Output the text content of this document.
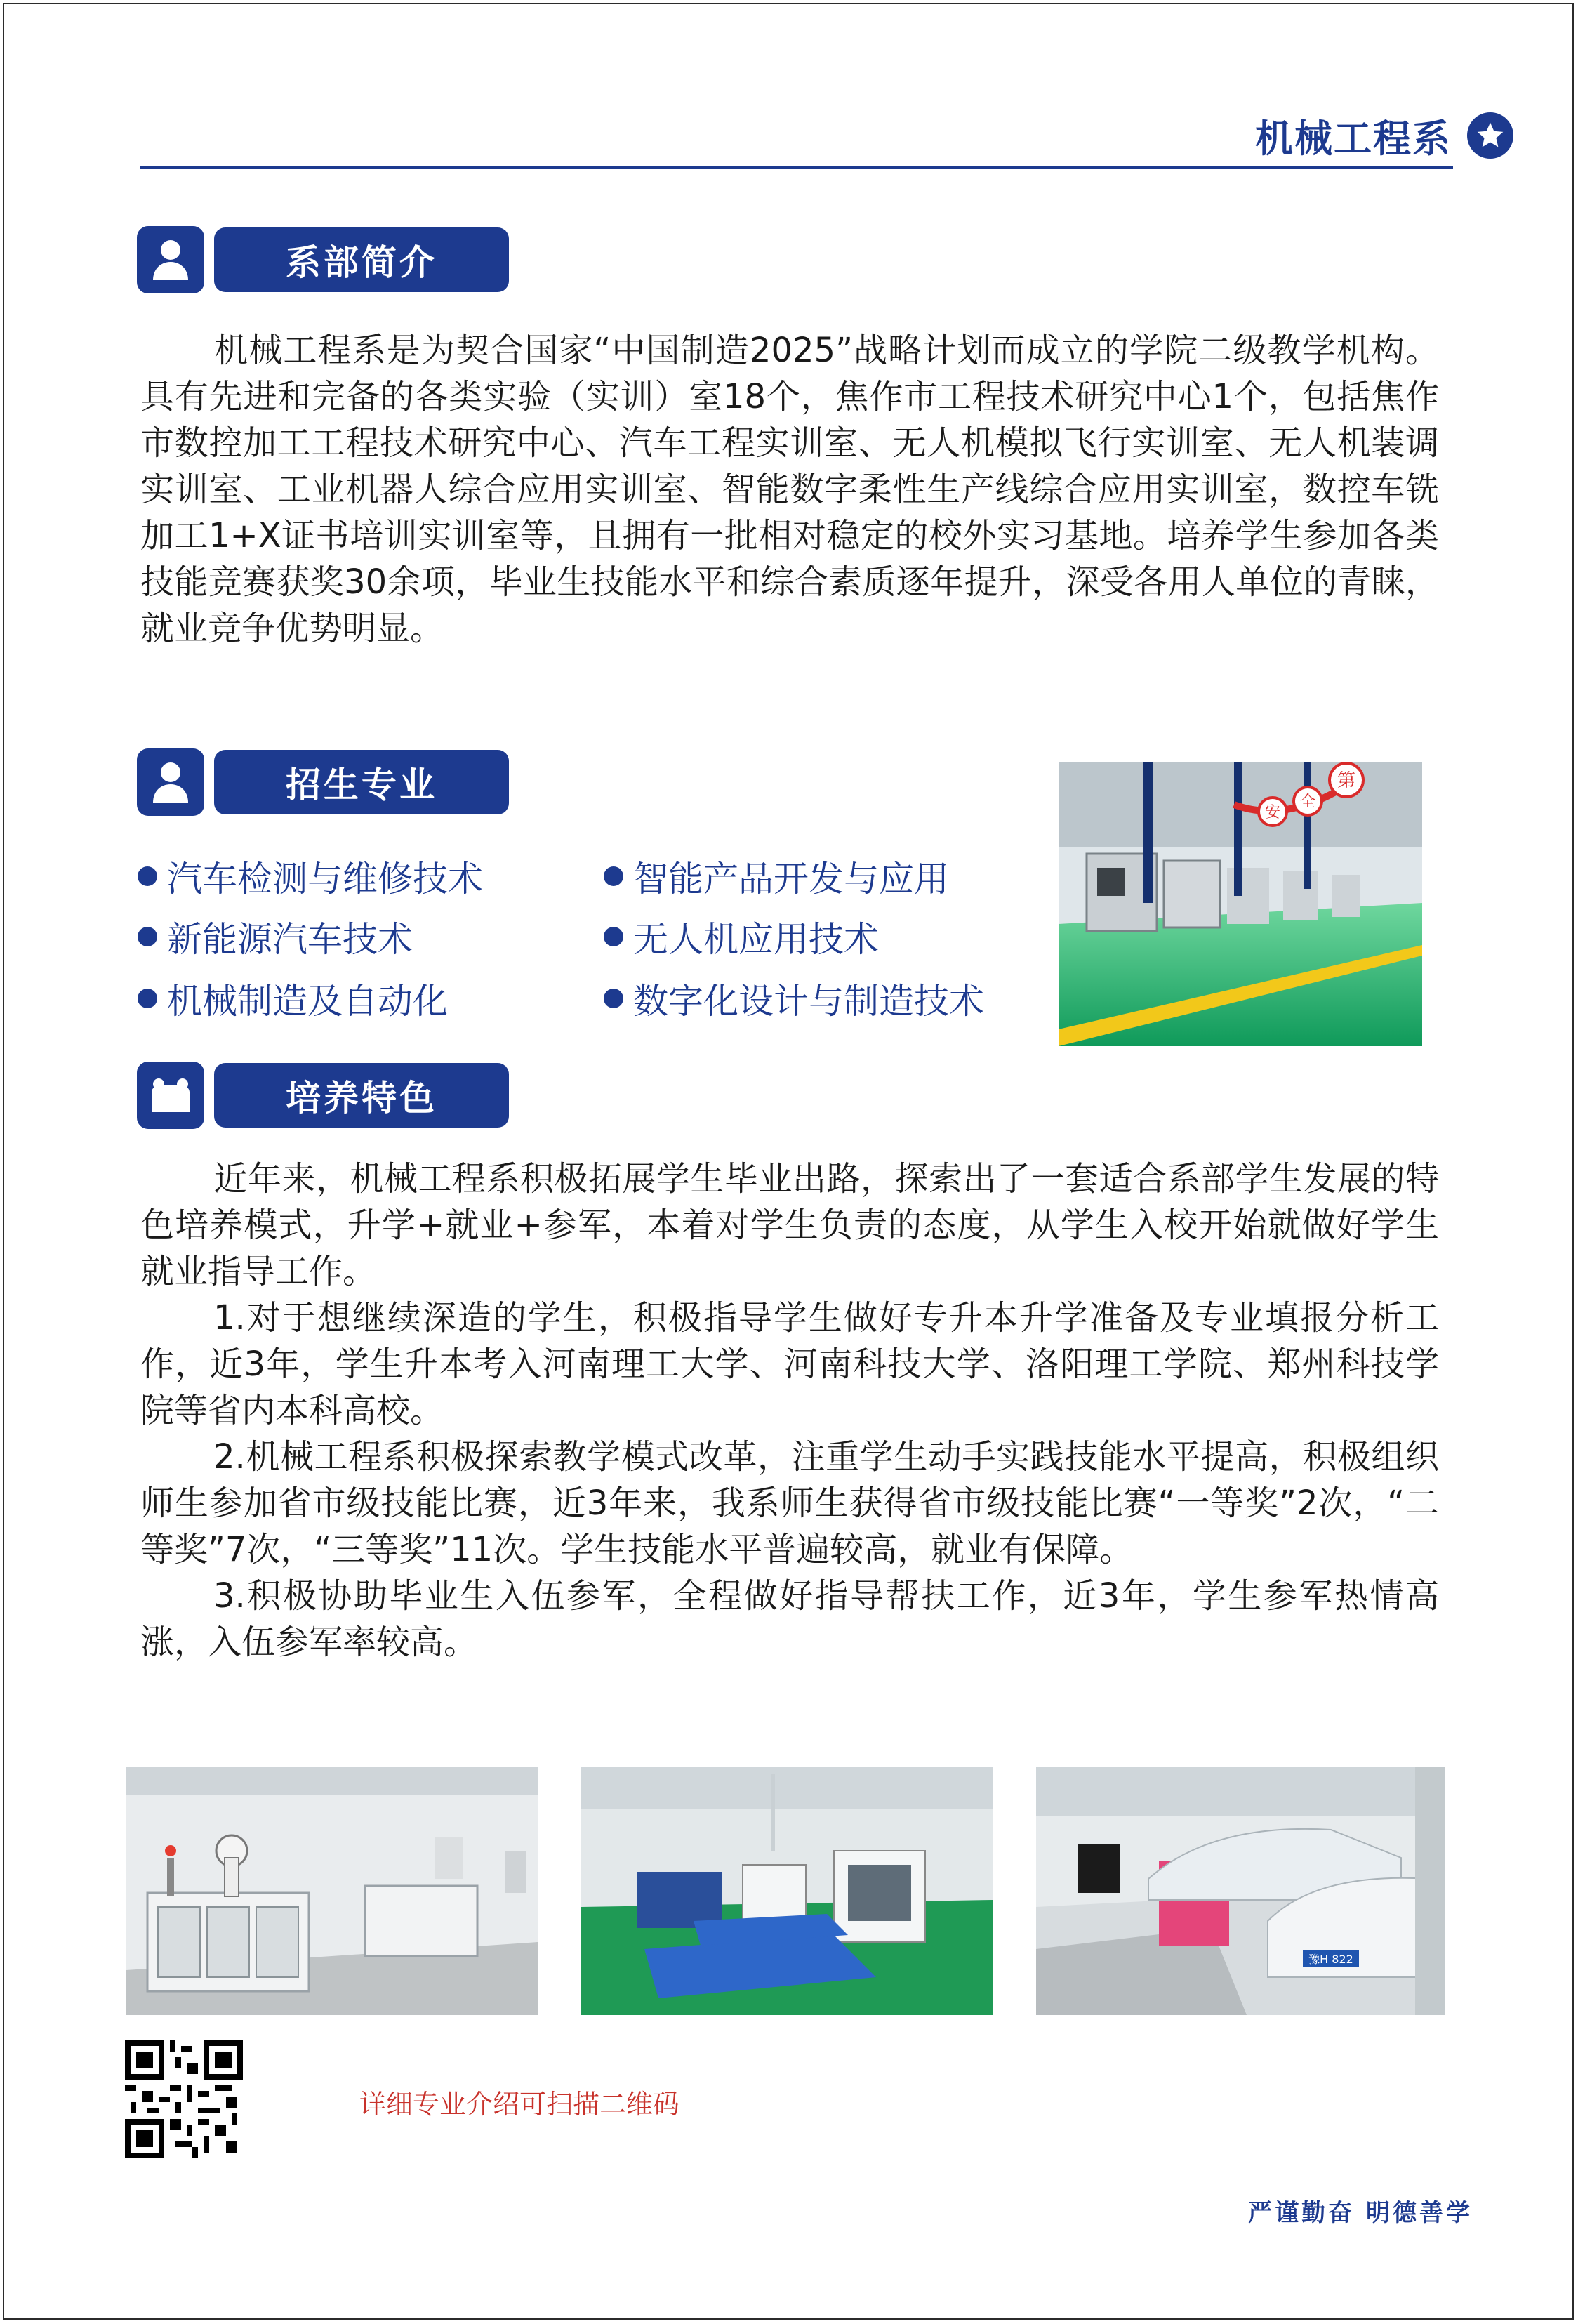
机械工程系
系部简介

机械工程系是为契合国家“中国制造2025”战略计划而成立的学院二级教学机构。具有先进和完备的各类实验（实训）室18个，焦作市工程技术研究中心1个，包括焦作市数控加工工程技术研究中心、汽车工程实训室、无人机模拟飞行实训室、无人机装调实训室、工业机器人综合应用实训室、智能数字柔性生产线综合应用实训室，数控车铣加工1+X证书培训实训室等，且拥有一批相对稳定的校外实习基地。培养学生参加各类技能竞赛获奖30余项，毕业生技能水平和综合素质逐年提升，深受各用人单位的青睐，就业竞争优势明显。

招生专业
汽车检测与维修技术	智能产品开发与应用
新能源汽车技术	无人机应用技术
机械制造及自动化	数字化设计与制造技术
安
全
第
培养特色

近年来，机械工程系积极拓展学生毕业出路，探索出了一套适合系部学生发展的特色培养模式，升学+就业+参军，本着对学生负责的态度，从学生入校开始就做好学生就业指导工作。

1.对于想继续深造的学生，积极指导学生做好专升本升学准备及专业填报分析工作，近3年，学生升本考入河南理工大学、河南科技大学、洛阳理工学院、郑州科技学院等省内本科高校。

2.机械工程系积极探索教学模式改革，注重学生动手实践技能水平提高，积极组织师生参加省市级技能比赛，近3年来，我系师生获得省市级技能比赛“一等奖”2次，“二等奖”7次，“三等奖”11次。学生技能水平普遍较高，就业有保障。

3.积极协助毕业生入伍参军，全程做好指导帮扶工作，近3年，学生参军热情高涨，入伍参军率较高。

豫H 822
详细专业介绍可扫描二维码
严谨勤奋 明德善学
